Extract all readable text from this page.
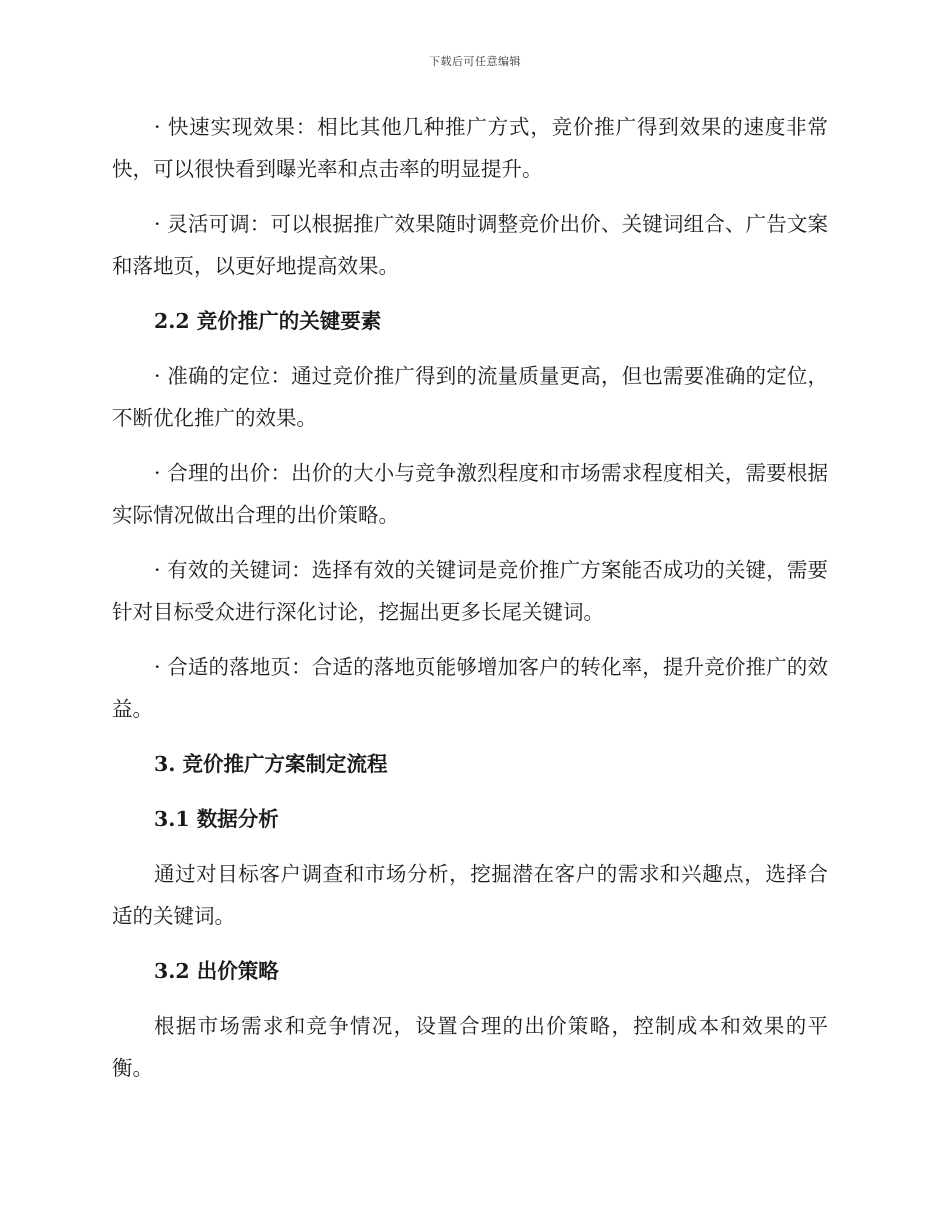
下载后可任意编辑

· 快速实现效果：相比其他几种推广方式，竞价推广得到效果的速度非常快，可以很快看到曝光率和点击率的明显提升。

· 灵活可调：可以根据推广效果随时调整竞价出价、关键词组合、广告文案和落地页，以更好地提高效果。

2.2 竞价推广的关键要素

· 准确的定位：通过竞价推广得到的流量质量更高，但也需要准确的定位，不断优化推广的效果。

· 合理的出价：出价的大小与竞争激烈程度和市场需求程度相关，需要根据实际情况做出合理的出价策略。

· 有效的关键词：选择有效的关键词是竞价推广方案能否成功的关键，需要针对目标受众进行深化讨论，挖掘出更多长尾关键词。

· 合适的落地页：合适的落地页能够增加客户的转化率，提升竞价推广的效益。

3. 竞价推广方案制定流程

3.1 数据分析

通过对目标客户调查和市场分析，挖掘潜在客户的需求和兴趣点，选择合适的关键词。

3.2 出价策略

根据市场需求和竞争情况，设置合理的出价策略，控制成本和效果的平衡。
